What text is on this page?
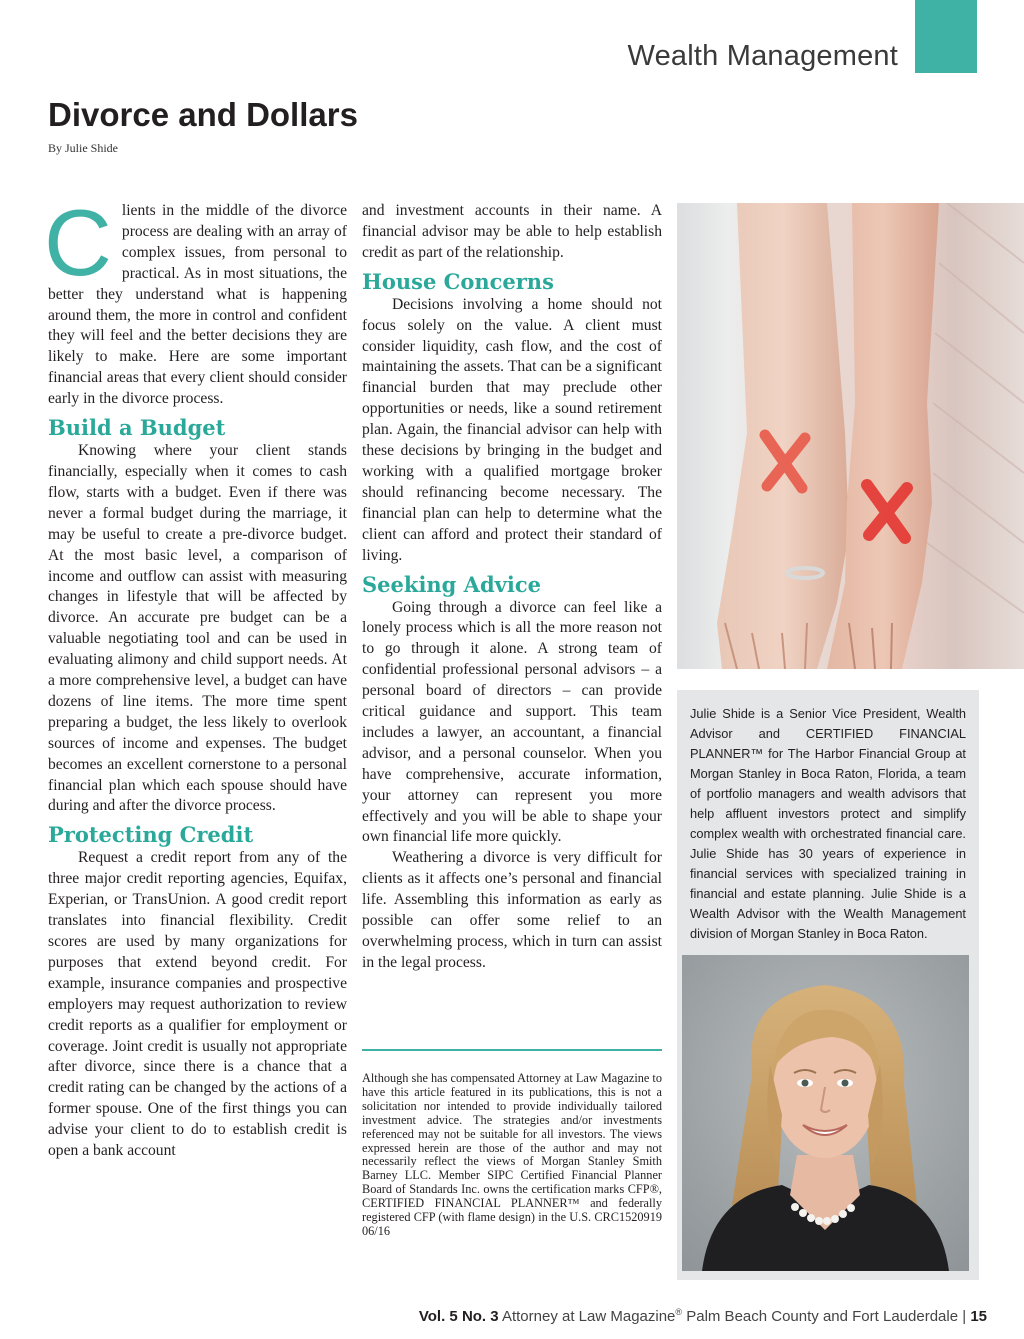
Wealth Management
Divorce and Dollars
By Julie Shide

Clients in the middle of the divorce process are dealing with an array of complex issues, from personal to practical. As in most situations, the better they understand what is happening around them, the more in control and confident they will feel and the better decisions they are likely to make. Here are some important financial areas that every client should consider early in the divorce process.

Build a Budget

Knowing where your client stands financially, especially when it comes to cash flow, starts with a budget. Even if there was never a formal budget during the marriage, it may be useful to create a pre-divorce budget. At the most basic level, a comparison of income and outflow can assist with measuring changes in lifestyle that will be affected by divorce. An accurate pre budget can be a valuable negotiating tool and can be used in evaluating alimony and child support needs. At a more comprehensive level, a budget can have dozens of line items. The more time spent preparing a budget, the less likely to overlook sources of income and expenses. The budget becomes an excellent cornerstone to a personal financial plan which each spouse should have during and after the divorce process.

Protecting Credit

Request a credit report from any of the three major credit reporting agencies, Equifax, Experian, or TransUnion. A good credit report translates into financial flexibility. Credit scores are used by many organizations for purposes that extend beyond credit. For example, insurance companies and prospective employers may request authorization to review credit reports as a qualifier for employment or coverage. Joint credit is usually not appropriate after divorce, since there is a chance that a credit rating can be changed by the actions of a former spouse. One of the first things you can advise your client to do to establish credit is open a bank account

and investment accounts in their name. A financial advisor may be able to help establish credit as part of the relationship.

House Concerns

Decisions involving a home should not focus solely on the value. A client must consider liquidity, cash flow, and the cost of maintaining the assets. That can be a significant financial burden that may preclude other opportunities or needs, like a sound retirement plan. Again, the financial advisor can help with these decisions by bringing in the budget and working with a qualified mortgage broker should refinancing become necessary. The financial plan can help to determine what the client can afford and protect their standard of living.

Seeking Advice

Going through a divorce can feel like a lonely process which is all the more reason not to go through it alone. A strong team of confidential professional personal advisors – a personal board of directors – can provide critical guidance and support. This team includes a lawyer, an accountant, a financial advisor, and a personal counselor. When you have comprehensive, accurate information, your attorney can represent you more effectively and you will be able to shape your own financial life more quickly.

Weathering a divorce is very difficult for clients as it affects one’s personal and financial life. Assembling this information as early as possible can offer some relief to an overwhelming process, which in turn can assist in the legal process.

Although she has compensated Attorney at Law Magazine to have this article featured in its publications, this is not a solicitation nor intended to provide individually tailored investment advice. The strategies and/or investments referenced may not be suitable for all investors. The views expressed herein are those of the author and may not necessarily reflect the views of Morgan Stanley Smith Barney LLC. Member SIPC Certified Financial Planner Board of Standards Inc. owns the certification marks CFP®, CERTIFIED FINANCIAL PLANNER™ and federally registered CFP (with flame design) in the U.S. CRC1520919 06/16

Julie Shide is a Senior Vice President, Wealth Advisor and CERTIFIED FINANCIAL PLANNER™ for The Harbor Financial Group at Morgan Stanley in Boca Raton, Florida, a team of portfolio managers and wealth advisors that help affluent investors protect and simplify complex wealth with orchestrated financial care. Julie Shide has 30 years of experience in financial services with specialized training in financial and estate planning. Julie Shide is a Wealth Advisor with the Wealth Management division of Morgan Stanley in Boca Raton.

Vol. 5 No. 3 Attorney at Law Magazine® Palm Beach County and Fort Lauderdale | 15
